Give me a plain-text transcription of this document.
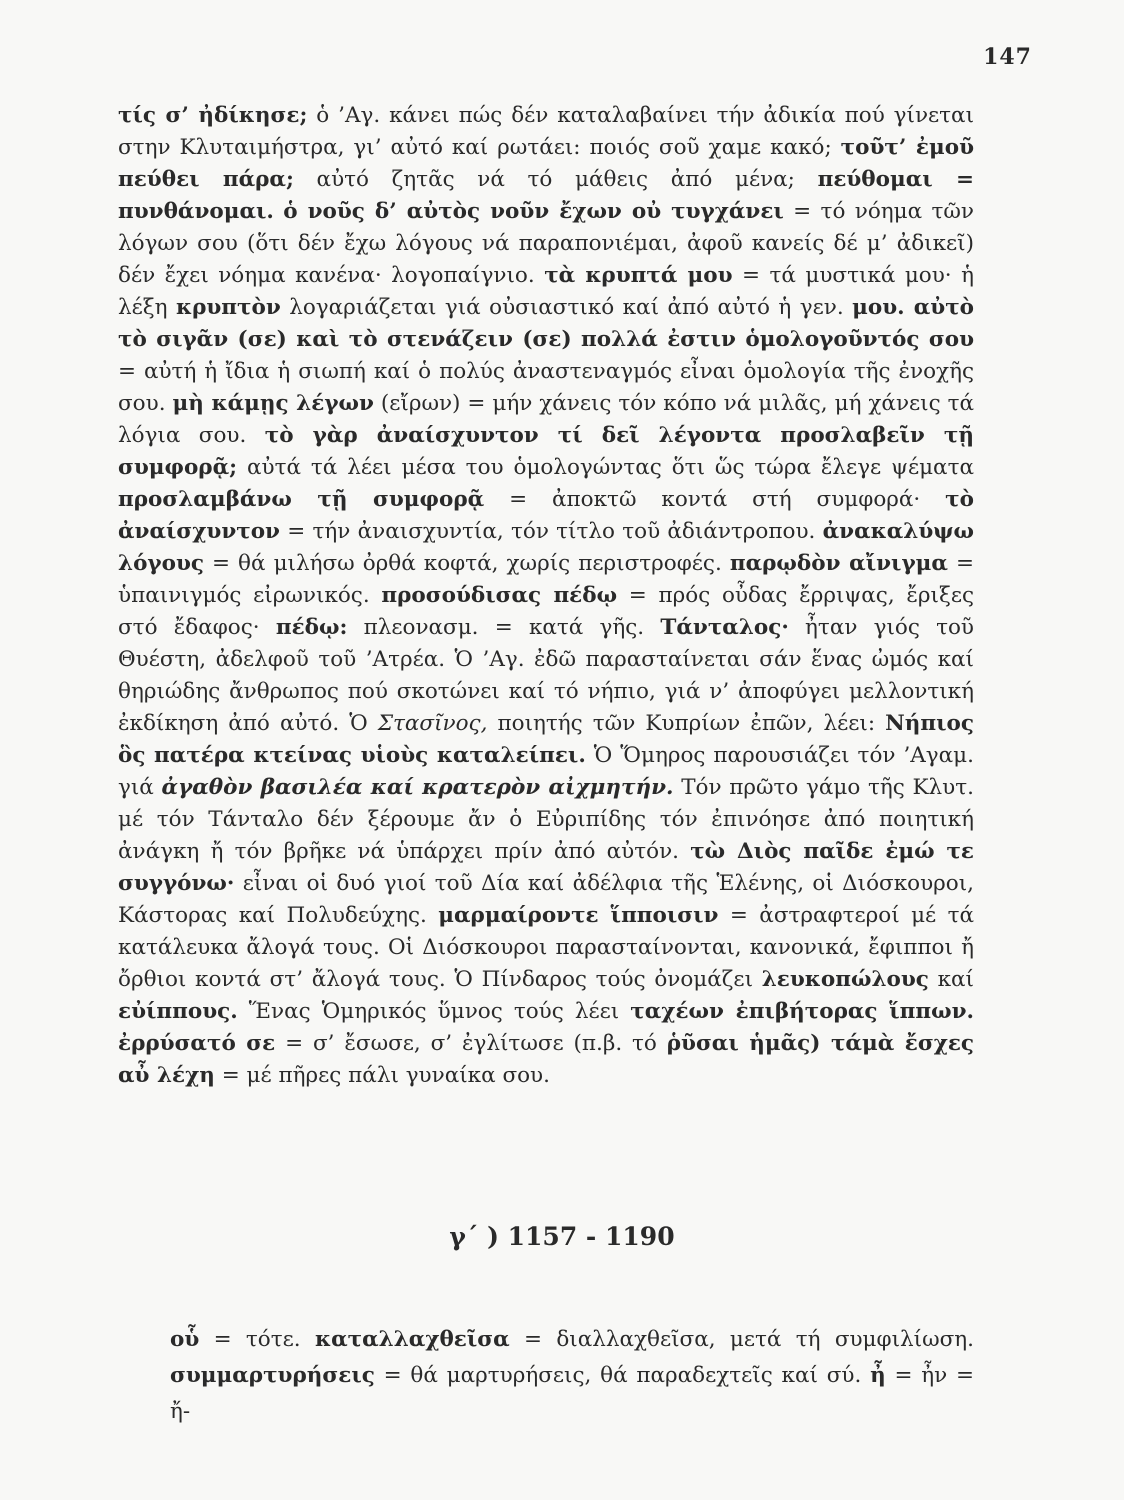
147

τίς σ’ ἠδίκησε; ὁ ’Αγ. κάνει πώς δέν καταλαβαίνει τήν ἀδικία πού γίνεται στην Κλυταιμήστρα, γι’ αὐτό καί ρωτάει: ποιός σοῦ χαμε κακό; τοῦτ’ ἐμοῦ πεύθει πάρα; αὐτό ζητᾶς νά τό μάθεις ἀπό μένα; πεύθομαι = πυνθάνομαι. ὁ νοῦς δ’ αὐτὸς νοῦν ἔχων οὐ τυγχάνει = τό νόημα τῶν λόγων σου (ὅτι δέν ἔχω λόγους νά παραπονιέμαι, ἀφοῦ κανείς δέ μ’ ἀδικεῖ) δέν ἔχει νόημα κανένα· λογοπαίγνιο. τὰ κρυπτά μου = τά μυστικά μου· ἡ λέξη κρυπτὸν λογαριάζεται γιά οὐσιαστικό καί ἀπό αὐτό ἡ γεν. μου. αὐτὸ τὸ σιγᾶν (σε) καὶ τὸ στενάζειν (σε) πολλά ἐστιν ὁμολογοῦντός σου = αὐτή ἡ ἴδια ἡ σιωπή καί ὁ πολύς ἀναστεναγμός εἶναι ὁμολογία τῆς ἐνοχῆς σου. μὴ κάμῃς λέγων (εἴρων) = μήν χάνεις τόν κόπο νά μιλᾶς, μή χάνεις τά λόγια σου. τὸ γὰρ ἀναίσχυντον τί δεῖ λέγοντα προσλαβεῖν τῇ συμφορᾷ; αὐτά τά λέει μέσα του ὁμολογώντας ὅτι ὥς τώρα ἔλεγε ψέματα προσλαμβάνω τῇ συμφορᾷ = ἀποκτῶ κοντά στή συμφορά· τὸ ἀναίσχυντον = τήν ἀναισχυντία, τόν τίτλο τοῦ ἀδιάντροπου. ἀνακαλύψω λόγους = θά μιλήσω ὀρθά κοφτά, χωρίς περιστροφές. παρῳδὸν αἴνιγμα = ὑπαινιγμός εἰρωνικός. προσούδισας πέδῳ = πρός οὖδας ἔρριψας, ἔριξες στό ἔδαφος· πέδῳ: πλεονασμ. = κατά γῆς. Τάνταλος· ἦταν γιός τοῦ Θυέστη, ἀδελφοῦ τοῦ ’Ατρέα. Ὁ ’Αγ. ἐδῶ παρασταίνεται σάν ἕνας ὠμός καί θηριώδης ἄνθρωπος πού σκοτώνει καί τό νήπιο, γιά ν’ ἀποφύγει μελλοντική ἐκδίκηση ἀπό αὐτό. Ὁ Στασῖνος, ποιητής τῶν Κυπρίων ἐπῶν, λέει: Νήπιος ὃς πατέρα κτείνας υἱοὺς καταλείπει. Ὁ Ὅμηρος παρουσιάζει τόν ’Αγαμ. γιά ἀγαθὸν βασιλέα καί κρατερὸν αἰχμητήν. Τόν πρῶτο γάμο τῆς Κλυτ. μέ τόν Τάνταλο δέν ξέρουμε ἄν ὁ Εὐριπίδης τόν ἐπινόησε ἀπό ποιητική ἀνάγκη ἤ τόν βρῆκε νά ὑπάρχει πρίν ἀπό αὐτόν. τὼ Διὸς παῖδε ἐμώ τε συγγόνω· εἶναι οἱ δυό γιοί τοῦ Δία καί ἀδέλφια τῆς Ἑλένης, οἱ Διόσκουροι, Κάστορας καί Πολυδεύχης. μαρμαίροντε ἵπποισιν = ἀστραφτεροί μέ τά κατάλευκα ἄλογά τους. Οἱ Διόσκουροι παρασταίνονται, κανονικά, ἔφιπποι ἤ ὄρθιοι κοντά στ’ ἄλογά τους. Ὁ Πίνδαρος τούς ὀνομάζει λευκοπώλους καί εὐίππους. Ἕνας Ὁμηρικός ὕμνος τούς λέει ταχέων ἐπιβήτορας ἵππων. ἐρρύσατό σε = σ’ ἔσωσε, σ’ ἐγλίτωσε (π.β. τό ῥῦσαι ἡμᾶς) τάμὰ ἔσχες αὖ λέχη = μέ πῆρες πάλι γυναίκα σου.

γ΄ ) 1157 - 1190

οὗ = τότε. καταλλαχθεῖσα = διαλλαχθεῖσα, μετά τή συμφιλίωση. συμμαρτυρήσεις = θά μαρτυρήσεις, θά παραδεχτεῖς καί σύ. ἦ = ἦν = ἤ-
